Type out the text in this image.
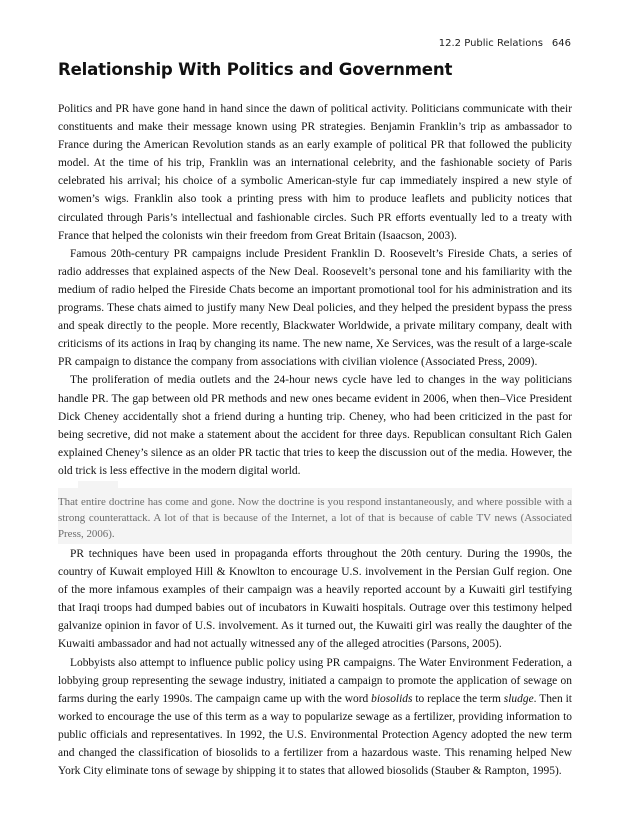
12.2 Public Relations 646
Relationship With Politics and Government

Politics and PR have gone hand in hand since the dawn of political activity. Politicians communicate with their constituents and make their message known using PR strategies. Benjamin Franklin’s trip as ambassador to France during the American Revolution stands as an early example of political PR that followed the publicity model. At the time of his trip, Franklin was an international celebrity, and the fashionable society of Paris celebrated his arrival; his choice of a symbolic American-style fur cap immediately inspired a new style of women’s wigs. Franklin also took a printing press with him to produce leaflets and publicity notices that circulated through Paris’s intellectual and fashionable circles. Such PR efforts eventually led to a treaty with France that helped the colonists win their freedom from Great Britain (Isaacson, 2003).

Famous 20th-century PR campaigns include President Franklin D. Roosevelt’s Fireside Chats, a series of radio addresses that explained aspects of the New Deal. Roosevelt’s personal tone and his familiarity with the medium of radio helped the Fireside Chats become an important promotional tool for his administration and its programs. These chats aimed to justify many New Deal policies, and they helped the president bypass the press and speak directly to the people. More recently, Blackwater Worldwide, a private military company, dealt with criticisms of its actions in Iraq by changing its name. The new name, Xe Services, was the result of a large-scale PR campaign to distance the company from associations with civilian violence (Associated Press, 2009).

The proliferation of media outlets and the 24-hour news cycle have led to changes in the way politicians handle PR. The gap between old PR methods and new ones became evident in 2006, when then–Vice President Dick Cheney accidentally shot a friend during a hunting trip. Cheney, who had been criticized in the past for being secretive, did not make a statement about the accident for three days. Republican consultant Rich Galen explained Cheney’s silence as an older PR tactic that tries to keep the discussion out of the media. However, the old trick is less effective in the modern digital world.

That entire doctrine has come and gone. Now the doctrine is you respond instantaneously, and where possible with a strong counterattack. A lot of that is because of the Internet, a lot of that is because of cable TV news (Associated Press, 2006).

PR techniques have been used in propaganda efforts throughout the 20th century. During the 1990s, the country of Kuwait employed Hill & Knowlton to encourage U.S. involvement in the Persian Gulf region. One of the more infamous examples of their campaign was a heavily reported account by a Kuwaiti girl testifying that Iraqi troops had dumped babies out of incubators in Kuwaiti hospitals. Outrage over this testimony helped galvanize opinion in favor of U.S. involvement. As it turned out, the Kuwaiti girl was really the daughter of the Kuwaiti ambassador and had not actually witnessed any of the alleged atrocities (Parsons, 2005).

Lobbyists also attempt to influence public policy using PR campaigns. The Water Environment Federation, a lobbying group representing the sewage industry, initiated a campaign to promote the application of sewage on farms during the early 1990s. The campaign came up with the word biosolids to replace the term sludge. Then it worked to encourage the use of this term as a way to popularize sewage as a fertilizer, providing information to public officials and representatives. In 1992, the U.S. Environmental Protection Agency adopted the new term and changed the classification of biosolids to a fertilizer from a hazardous waste. This renaming helped New York City eliminate tons of sewage by shipping it to states that allowed biosolids (Stauber & Rampton, 1995).
